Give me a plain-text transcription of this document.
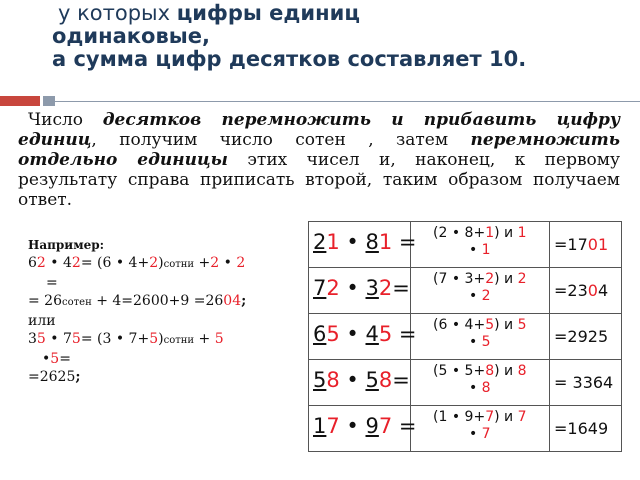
у которых цифры единиц
одинаковые,
а сумма цифр десятков составляет 10.
Число десятков перемножить и прибавить цифру единиц, получим число сотен , затем перемножить отдельно единицы этих чисел и, наконец, к первому результату справа приписать второй, таким образом получаем ответ.
Например:
62 • 42= (6 • 4+2)сотни +2 • 2
=
= 26сотен + 4=2600+9 =2604;
или
35 • 75= (3 • 7+5)сотни + 5
•5=
=2625;
21 • 81 =	(2 • 8+1) и 1
• 1	=1701

72 • 32=	(7 • 3+2) и 2
• 2	=2304

65 • 45 =	(6 • 4+5) и 5
• 5	=2925

58 • 58=	(5 • 5+8) и 8
• 8	= 3364

17 • 97 =	(1 • 9+7) и 7
• 7	=1649
